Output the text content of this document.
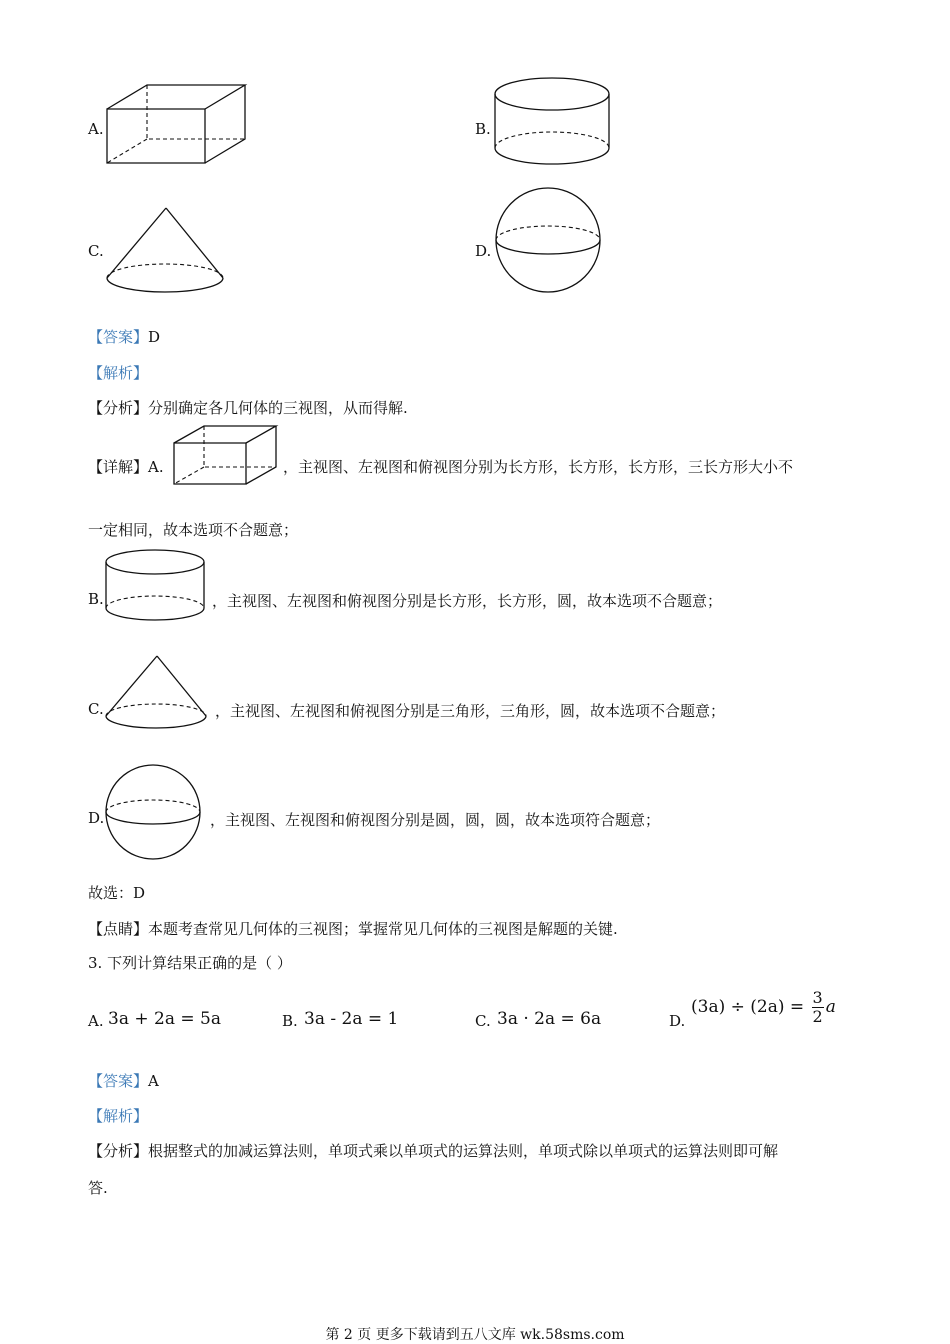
A.	B.
C.	D.
【答案】D
【解析】
【分析】分别确定各几何体的三视图，从而得解.
【详解】A.	，主视图、左视图和俯视图分别为长方形，长方形，长方形，三长方形大小不
一定相同，故本选项不合题意；
B.	，主视图、左视图和俯视图分别是长方形，长方形，圆，故本选项不合题意；
C.	，主视图、左视图和俯视图分别是三角形，三角形，圆，故本选项不合题意；
D.	，主视图、左视图和俯视图分别是圆，圆，圆，故本选项符合题意；
故选：D
【点睛】本题考查常见几何体的三视图；掌握常见几何体的三视图是解题的关键.
3. 下列计算结果正确的是（ ）
A. 3a + 2a = 5a	B. 3a - 2a = 1	C. 3a · 2a = 6a	D.
$(3a) \div (2a) = \frac{3}{2}$ a
【答案】A
【解析】
【分析】根据整式的加减运算法则，单项式乘以单项式的运算法则，单项式除以单项式的运算法则即可解
答.
第 2 页 更多下载请到五八文库 wk.58sms.com
